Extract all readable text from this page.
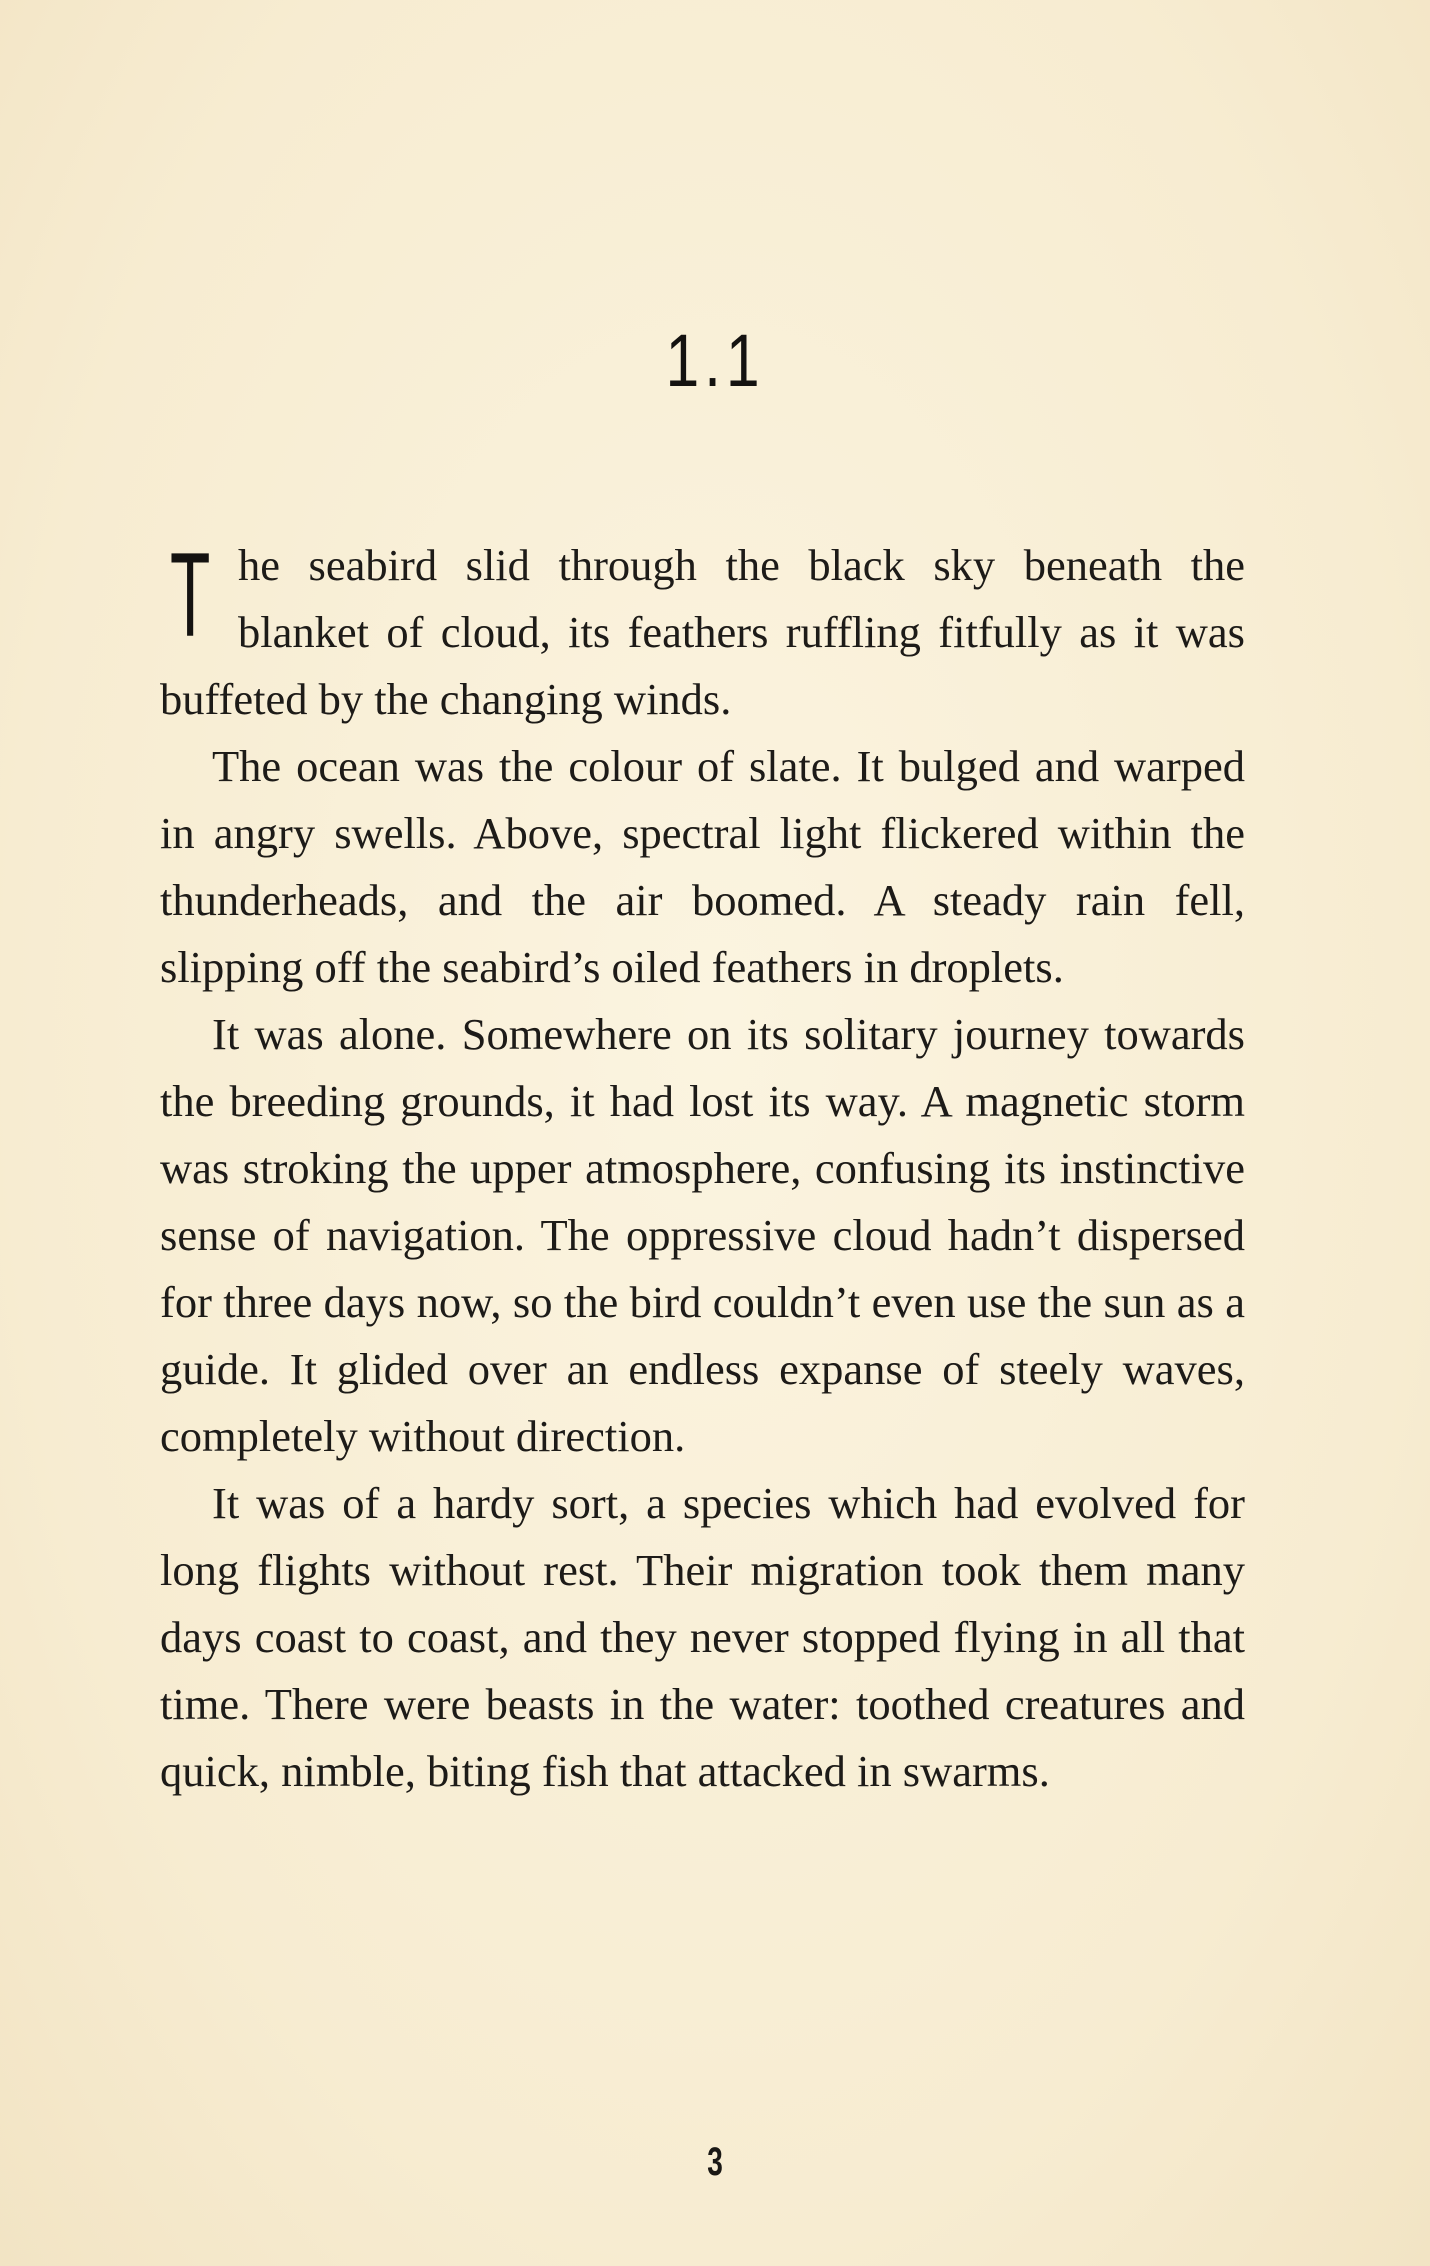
1.1

The seabird slid through the black sky beneath the blanket of cloud, its feathers ruffling fitfully as it was buffeted by the changing winds.

The ocean was the colour of slate. It bulged and warped in angry swells. Above, spectral light flickered within the thunderheads, and the air boomed. A steady rain fell, slipping off the seabird’s oiled feathers in droplets.

It was alone. Somewhere on its solitary journey towards the breeding grounds, it had lost its way. A magnetic storm was stroking the upper atmosphere, confusing its instinctive sense of navigation. The oppressive cloud hadn’t dispersed for three days now, so the bird couldn’t even use the sun as a guide. It glided over an endless expanse of steely waves, completely without direction.

It was of a hardy sort, a species which had evolved for long flights without rest. Their migration took them many days coast to coast, and they never stopped flying in all that time. There were beasts in the water: toothed creatures and quick, nimble, biting fish that attacked in swarms.

3
